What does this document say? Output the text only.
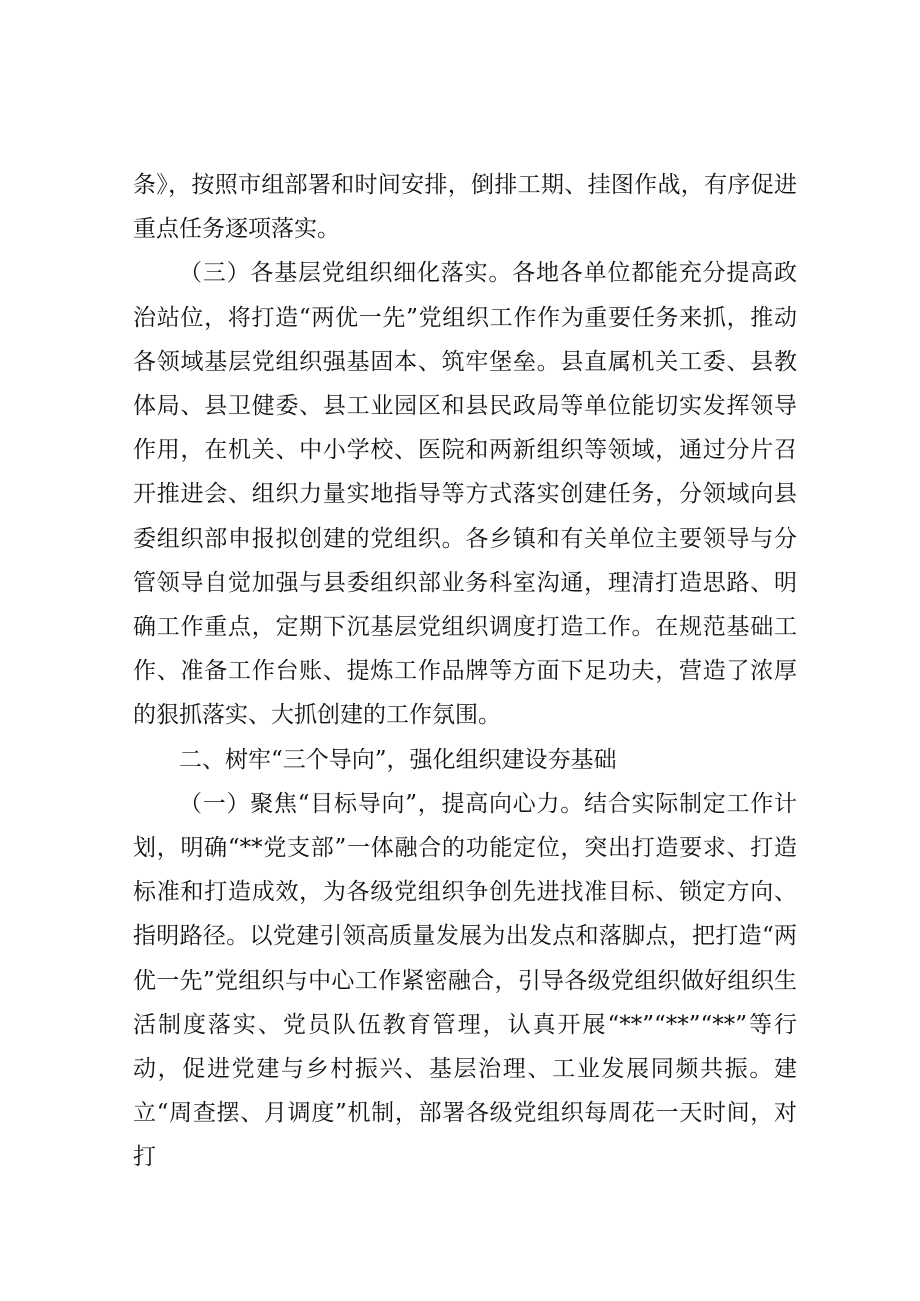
条》，按照市组部署和时间安排，倒排工期、挂图作战，有序促进重点任务逐项落实。

（三）各基层党组织细化落实。各地各单位都能充分提高政治站位，将打造“两优一先”党组织工作作为重要任务来抓，推动各领域基层党组织强基固本、筑牢堡垒。县直属机关工委、县教体局、县卫健委、县工业园区和县民政局等单位能切实发挥领导作用，在机关、中小学校、医院和两新组织等领域，通过分片召开推进会、组织力量实地指导等方式落实创建任务，分领域向县委组织部申报拟创建的党组织。各乡镇和有关单位主要领导与分管领导自觉加强与县委组织部业务科室沟通，理清打造思路、明确工作重点，定期下沉基层党组织调度打造工作。在规范基础工作、准备工作台账、提炼工作品牌等方面下足功夫，营造了浓厚的狠抓落实、大抓创建的工作氛围。

二、树牢“三个导向”，强化组织建设夯基础

（一）聚焦“目标导向”，提高向心力。结合实际制定工作计划，明确“**党支部”一体融合的功能定位，突出打造要求、打造标准和打造成效，为各级党组织争创先进找准目标、锁定方向、指明路径。以党建引领高质量发展为出发点和落脚点，把打造“两优一先”党组织与中心工作紧密融合，引导各级党组织做好组织生活制度落实、党员队伍教育管理，认真开展“**”“**”“**”等行动，促进党建与乡村振兴、基层治理、工业发展同频共振。建立“周查摆、月调度”机制，部署各级党组织每周花一天时间，对打
